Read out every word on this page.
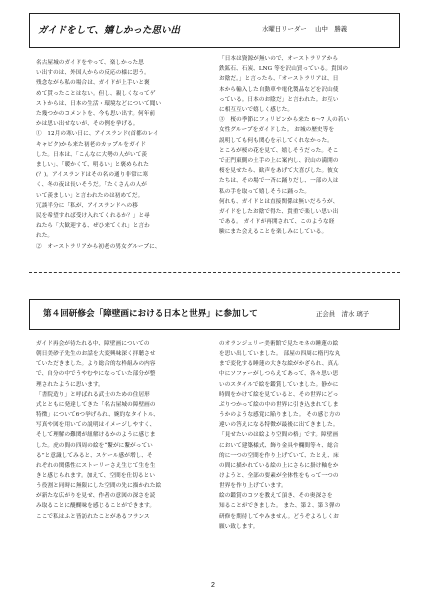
ガイドをして、嬉しかった思い出	水曜日リーダー　 山中　勝義
名古屋城のガイドをやって、楽しかった思
い出すのは、外国人からの反応の様に思う。
残念ながら私の場合は、ガイドが上手いと褒
めて貰ったことはない。但し、親しくなってゲ
ストからは、日本の生活・環境などについて聞い
た幾つかのコメントを、今も思い出す。何年前
かは思い出せないが、その例を挙げる。
①　12月の寒い日に、アイスランド(首都のレイ
キャビク)から来た初老のカップルをガイド
した。日本は、「こんなに大勢の人がいて羨
ましい」、｢暖かくて、明るい｣ と褒められた
(？)。アイスランドはその名の通り非常に寒
く、冬の夜は長いそうだ。｢たくさんの人が
いて羨ましい｣ と言われたのは初めてだ。
冗談半分に「私が、アイスランドへの移
民を希望すれば受け入れてくれるか？」と尋
ねたら「大歓迎する、ぜひ来てくれ」と言わ
れた。
②　オーストラリアから初老の男女グループに、
「日本は資源が無いので、オーストラリアから
鉄鉱石、石炭、LNG 等を沢山買っている。貴国の
お陰だ。」と言ったら、「オーストラリアは、日
本から輸入した自動車や電化製品などを沢山使
っている。日本のお陰だ」と言われた。お互い
に相互互いで嬉しく感じた。
③　桜の季節にフィリピンから来た 6～7 人の若い
女性グループをガイドした。 お城の歴史等を
説明しても何も関心を示してくれなかった。
ところが桜の花を見て、嬉しそうだった。そこ
で正門東側の土手の上に案内し、沢山の満開の
桜を見せたら、歓声をあげて大喜びした。彼女
たちは、その場で一斉に踊りだし、一部の人は
私の手を取って嬉しそうに踊った。
何れも、ガイドとは直接関係は無いだろうが、
ガイドをしたお陰で得た、貴重で楽しい思い出
である。 ガイドが再開されて、このような経
験にまた会えることを楽しみにしている。
第４回研修会「障壁画における日本と世界」に参加して	正会員　清水 璃子
ガイド再会が待たれる中、障壁画についての
朝日美砂子先生のお話を大変興味深く拝聴させ
ていただきました。より総合的な枠組みの内容
で、自分の中でうやむやになっていた部分が整
理されたように思います。
「書院造り」と呼ばれる武士のための住居形
式とともに発達してきた「名古屋城の障壁画の
特徴」について6つ挙げられ、婉約なタイトル、
写真や図を用いての説明はイメージしやすく、
そして理解の難関が紐解けるかのように感じま
した。虎の間の四周の絵を“繋がに繋がってい
る”と意識してみると、スケール感が増し、そ
れぞれの関係性にストーリーさえ生じて生を生
きと感じられます。加えて、空間を仕切るとい
う役割と同時に無限にした空間の先に描かれた絵
が新たな広がりを見せ、作者の意図の深さを読
み取ることに醍醐味を感じることができます。
ここで私はふと皆訪れたことがあるフランス
のオランジェリー美術館で見たモネの睡蓮の絵
を思い出していました。 部屋の四周に楕円な丸
まで変化する睡蓮の大きな絵がかざられ、真ん
中にソファーがしつらえてあって、各々思い思
いのスタイルで絵を鑑賞していました。静かに
時間をかけて絵を見ていると、その世界にどっ
ぷりつかって絵の中の世界に引き込まれてしま
うかのような感覚に陥りました。 その感じ方の
違いの答えになる特徴が最後に出てきました。
「見せたいのは絵より空間の格」です。障壁画
において建築様式、飾り金具や欄間等々、総合
的に一つの空間を作り上げていて、たとえ、床
の間に描かれている絵の上にさらに掛け軸をか
けようと、全部の要素が全体性をもって一つの
世界を作り上げています。
絵の鑑賞のコツを教えて頂き、その奥深さを
知ることができました。 また、第２、第３弾の
研修を期待してやみません。どうぞよろしくお
願い致します。
2
